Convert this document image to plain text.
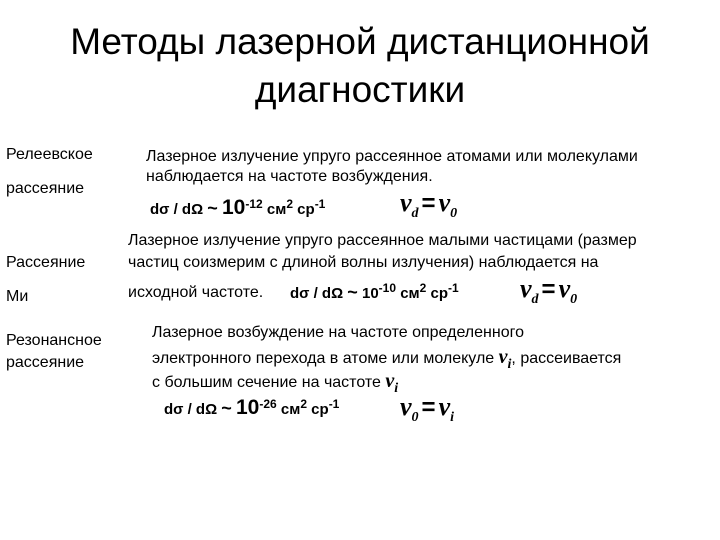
Методы лазерной дистанционной
диагностики
Релеевское
рассеяние
Лазерное излучение упруго рассеянное атомами или молекулами
наблюдается на частоте возбуждения.
dσ / dΩ ~ $10^{-12}$ $см^2$ $ср^{-1}$	$\nu_d = \nu_0$
Рассеяние
Ми
Лазерное излучение упруго рассеянное малыми частицами (размер
частиц соизмерим с длиной волны излучения) наблюдается на
исходной частоте. dσ / dΩ ~ $10^{-10}$ $см^2$ $ср^{-1}$ $\nu_d = \nu_0$
Резонансное
рассеяние
Лазерное возбуждение на частоте определенного
электронного перехода в атоме или молекуле $\nu_i$, рассеивается
с большим сечение на частоте $\nu_i$
dσ / dΩ ~ $10^{-26}$ $см^2$ $ср^{-1}$ $\nu_0 = \nu_i$
